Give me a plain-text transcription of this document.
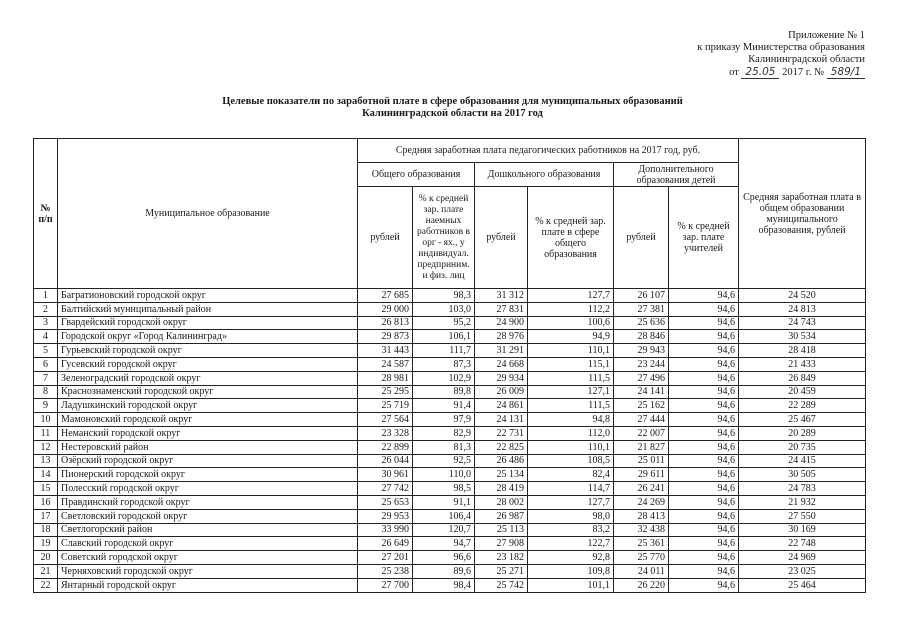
Приложение № 1
к приказу Министерства образования
Калининградской области
от 25.05 2017 г. № 589/1
Целевые показатели по заработной плате в сфере образования для муниципальных образований
Калининградской области на 2017 год
№ п/п	Муниципальное образование	Средняя заработная плата педагогических работников на 2017 год, руб.						Средняя заработная плата в общем образовании муниципального образования, рублей
		Общего образования		Дошкольного образования		Дополнительного образования детей		
		рублей	% к средней зар. плате наемных работников в орг - ях., у индивидуал. предприним. и физ. лиц	рублей	% к средней зар. плате в сфере общего образования	рублей	% к средней зар. плате учителей	
1	Багратионовский городской округ	27 685	98,3	31 312	127,7	26 107	94,6	24 520
2	Балтийский муниципальный район	29 000	103,0	27 831	112,2	27 381	94,6	24 813
3	Гвардейский городской округ	26 813	95,2	24 900	100,6	25 636	94,6	24 743
4	Городской округ «Город Калининград»	29 873	106,1	28 976	94,9	28 846	94,6	30 534
5	Гурьевский городской округ	31 443	111,7	31 291	110,1	29 943	94,6	28 418
6	Гусевский городской округ	24 587	87,3	24 668	115,1	23 244	94,6	21 433
7	Зеленоградский городской округ	28 981	102,9	29 934	111,5	27 496	94,6	26 849
8	Краснознаменский городской округ	25 295	89,8	26 009	127,1	24 141	94,6	20 459
9	Ладушкинский городской округ	25 719	91,4	24 861	111,5	25 162	94,6	22 289
10	Мамоновский городской округ	27 564	97,9	24 131	94,8	27 444	94,6	25 467
11	Неманский городской округ	23 328	82,9	22 731	112,0	22 007	94,6	20 289
12	Нестеровский район	22 899	81,3	22 825	110,1	21 827	94,6	20 735
13	Озёрский городской округ	26 044	92,5	26 486	108,5	25 011	94,6	24 415
14	Пионерский городской округ	30 961	110,0	25 134	82,4	29 611	94,6	30 505
15	Полесский городской округ	27 742	98,5	28 419	114,7	26 241	94,6	24 783
16	Правдинский городской округ	25 653	91,1	28 002	127,7	24 269	94,6	21 932
17	Светловский городской округ	29 953	106,4	26 987	98,0	28 413	94,6	27 550
18	Светлогорский район	33 990	120,7	25 113	83,2	32 438	94,6	30 169
19	Славский городской округ	26 649	94,7	27 908	122,7	25 361	94,6	22 748
20	Советский городской округ	27 201	96,6	23 182	92,8	25 770	94,6	24 969
21	Черняховский городской округ	25 238	89,6	25 271	109,8	24 011	94,6	23 025
22	Янтарный городской округ	27 700	98,4	25 742	101,1	26 220	94,6	25 464
